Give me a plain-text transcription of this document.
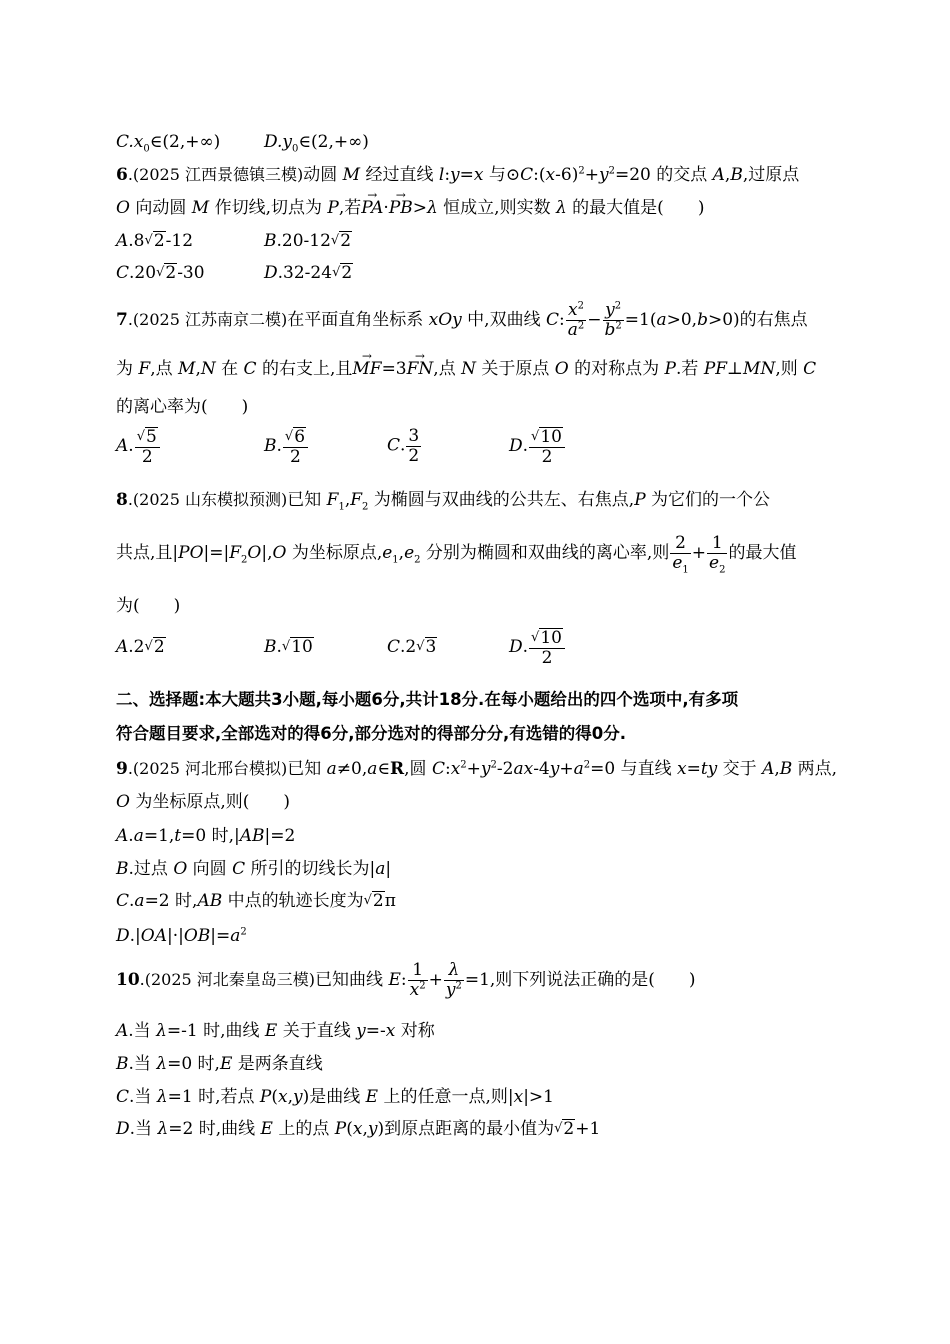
$C.x_0\in(2,+\infty)$	$D.y_0\in(2,+\infty)$
6.(2025 江西景德镇三模)动圆 M 经过直线 l:y=x 与$⊙C:(x-6)^2+y^2=20$ 的交点 A,B,过原点
O 向动圆 M 作切线,切点为 P,若→ PA·→ PB>λ 恒成立,则实数 λ 的最大值是(　　)
A.8√2-12	B.20-12√2
C.20√2-30	D.32-24√2
7.(2025 江苏南京二模)在平面直角坐标系 xOy 中,双曲线 C: $\frac{x^2}{a^2} - \frac{y^2}{b^2} =1(a>0,b>0)$的右焦点
为 F,点 M,N 在 C 的右支上,且→ MF=3→ FN,点 N 关于原点 O 的对称点为 P.若 PF⊥MN,则 C
的离心率为(　　)
A. $\frac{√5}{2}$	B. $\frac{√6}{2}$	C. $\frac{3}{2}$	D. $\frac{√10}{2}$
8.(2025 山东模拟预测)已知 $F_1,F_2$ 为椭圆与双曲线的公共左、右焦点,P 为它们的一个公
共点,且$|PO|=|F_2O|,O$ 为坐标原点$,e_1,e_2$ 分别为椭圆和双曲线的离心率,则 $\frac{2}{e_1} + \frac{1}{e_2}$ 的最大值
为(　　)
A.2√2	B.√10	C.2√3	D. $\frac{√10}{2}$
二、选择题:本大题共3小题,每小题6分,共计18分.在每小题给出的四个选项中,有多项
符合题目要求,全部选对的得6分,部分选对的得部分分,有选错的得0分.
9.(2025 河北邢台模拟)已知 a≠0,a∈R,圆 $C:x^2+y^2-2ax-4y+a^2=0$ 与直线 x=ty 交于 A,B 两点,
O 为坐标原点,则(　　)
A.a=1,t=0 时,|AB|=2
B.过点 O 向圆 C 所引的切线长为|a|
C.a=2 时,AB 中点的轨迹长度为√2π
$D.|OA|\cdot|OB|=a^2$
10.(2025 河北秦皇岛三模)已知曲线 E: $\frac{1}{x^2} + \frac{\lambda}{y^2} =1$,则下列说法正确的是(　　)
A.当 λ=-1 时,曲线 E 关于直线 y=-x 对称
B.当 λ=0 时,E 是两条直线
C.当 λ=1 时,若点 P(x,y)是曲线 E 上的任意一点,则|x|>1
D.当 λ=2 时,曲线 E 上的点 P(x,y)到原点距离的最小值为√2+1
